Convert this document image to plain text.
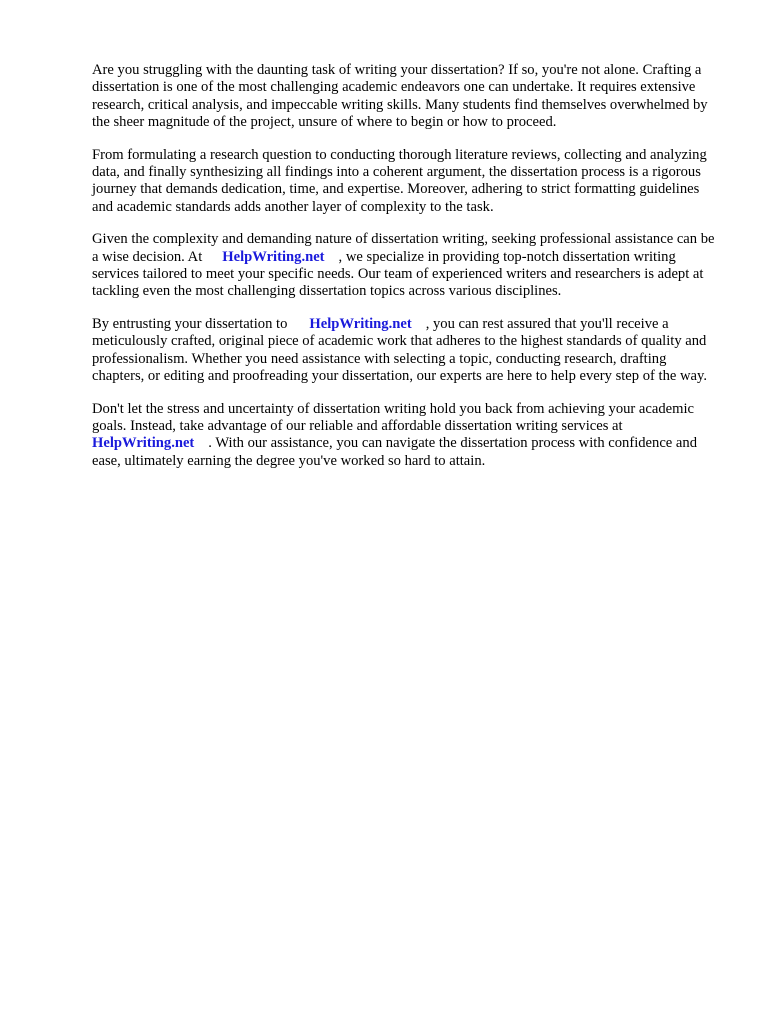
Are you struggling with the daunting task of writing your dissertation? If so, you're not alone. Crafting a dissertation is one of the most challenging academic endeavors one can undertake. It requires extensive research, critical analysis, and impeccable writing skills. Many students find themselves overwhelmed by the sheer magnitude of the project, unsure of where to begin or how to proceed.

From formulating a research question to conducting thorough literature reviews, collecting and analyzing data, and finally synthesizing all findings into a coherent argument, the dissertation process is a rigorous journey that demands dedication, time, and expertise. Moreover, adhering to strict formatting guidelines and academic standards adds another layer of complexity to the task.

Given the complexity and demanding nature of dissertation writing, seeking professional assistance can be a wise decision. At HelpWriting.net , we specialize in providing top-notch dissertation writing services tailored to meet your specific needs. Our team of experienced writers and researchers is adept at tackling even the most challenging dissertation topics across various disciplines.

By entrusting your dissertation to HelpWriting.net , you can rest assured that you'll receive a meticulously crafted, original piece of academic work that adheres to the highest standards of quality and professionalism. Whether you need assistance with selecting a topic, conducting research, drafting chapters, or editing and proofreading your dissertation, our experts are here to help every step of the way.

Don't let the stress and uncertainty of dissertation writing hold you back from achieving your academic goals. Instead, take advantage of our reliable and affordable dissertation writing services atHelpWriting.net . With our assistance, you can navigate the dissertation process with confidence and ease, ultimately earning the degree you've worked so hard to attain.
